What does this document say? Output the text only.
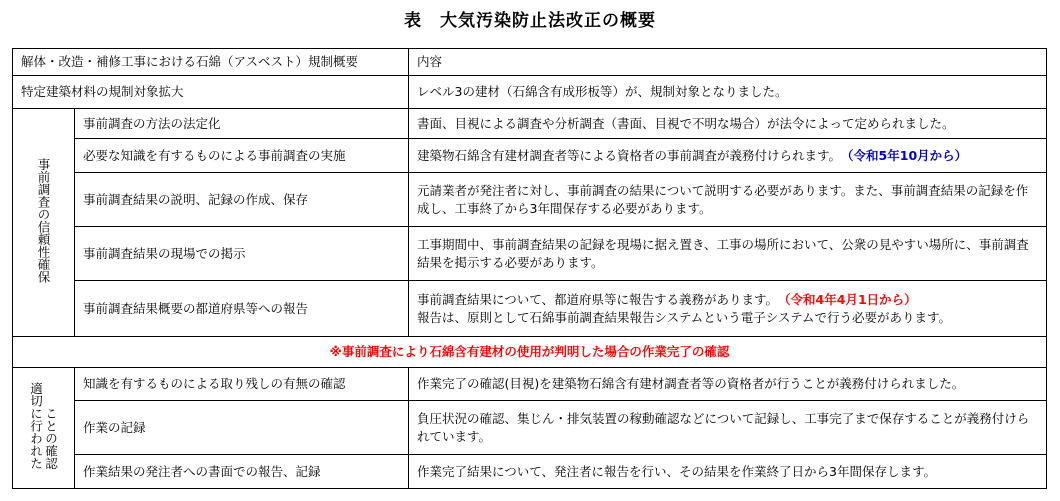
表　大気汚染防止法改正の概要
解体・改造・補修工事における石綿（アスベスト）規制概要		内容
特定建築材料の規制対象拡大		レベル3の建材（石綿含有成形板等）が、規制対象となりました。
事前調査の信頼性確保	事前調査の方法の法定化	書面、目視による調査や分析調査（書面、目視で不明な場合）が法令によって定められました。
	必要な知識を有するものによる事前調査の実施	建築物石綿含有建材調査者等による資格者の事前調査が義務付けられます。　 （令和5年10月から）
	事前調査結果の説明、記録の作成、保存	元請業者が発注者に対し、事前調査の結果について説明する必要があります。また、事前調査結果の記録を作成し、工事終了から3年間保存する必要があります。
	事前調査結果の現場での掲示	工事期間中、事前調査結果の記録を現場に据え置き、工事の場所において、公衆の見やすい場所に、事前調査結果を掲示する必要があります。
	事前調査結果概要の都道府県等への報告	事前調査結果について、都道府県等に報告する義務があります。　 （令和4年4月1日から）
報告は、原則として石綿事前調査結果報告システムという電子システムで行う必要があります。
※事前調査により石綿含有建材の使用が判明した場合の作業完了の確認		
適切に行われたことの確認	知識を有するものによる取り残しの有無の確認	作業完了の確認(目視)を建築物石綿含有建材調査者等の資格者が行うことが義務付けられました。
	作業の記録	負圧状況の確認、集じん・排気装置の稼動確認などについて記録し、工事完了まで保存することが義務付けられています。
	作業結果の発注者への書面での報告、記録	作業完了結果について、発注者に報告を行い、その結果を作業終了日から3年間保存します。
